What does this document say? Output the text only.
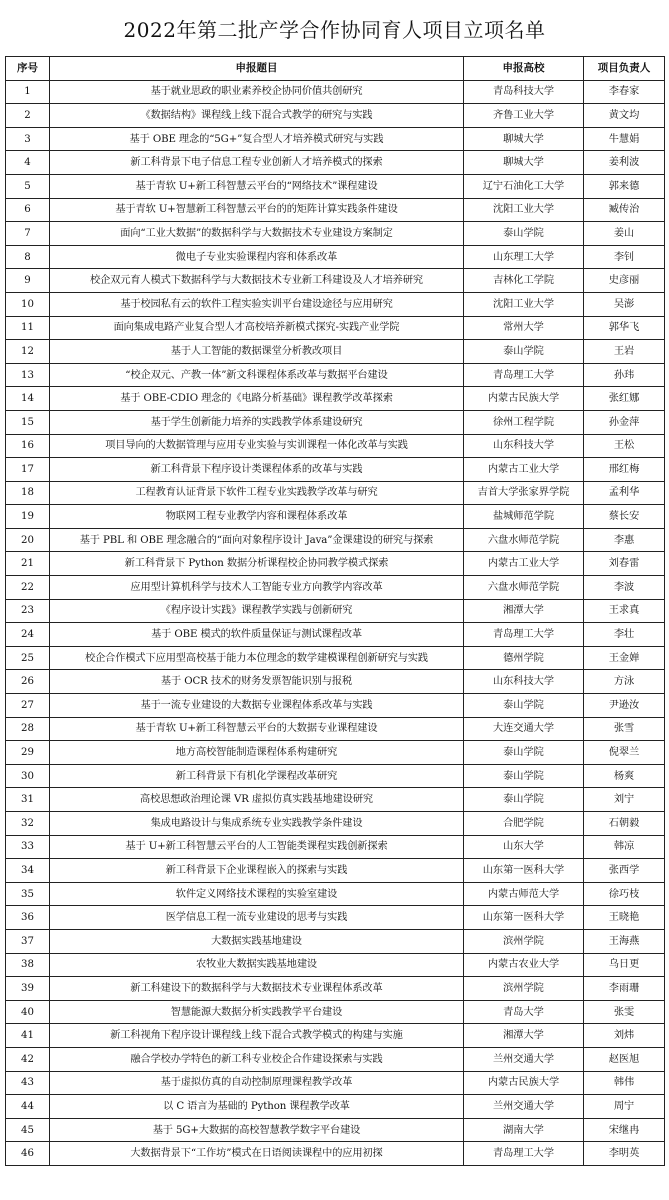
2022年第二批产学合作协同育人项目立项名单
序号	申报题目	申报高校	项目负责人
1	基于就业思政的职业素养校企协同价值共创研究	青岛科技大学	李春家
2	《数据结构》课程线上线下混合式教学的研究与实践	齐鲁工业大学	黄文均
3	基于 OBE 理念的“5G+”复合型人才培养模式研究与实践	聊城大学	牛慧娟
4	新工科背景下电子信息工程专业创新人才培养模式的探索	聊城大学	姜利波
5	基于青软 U+新工科智慧云平台的“网络技术”课程建设	辽宁石油化工大学	郭来德
6	基于青软 U+智慧新工科智慧云平台的的矩阵计算实践条件建设	沈阳工业大学	臧传治
7	面向“工业大数据”的数据科学与大数据技术专业建设方案制定	泰山学院	姜山
8	微电子专业实验课程内容和体系改革	山东理工大学	李钊
9	校企双元育人模式下数据科学与大数据技术专业新工科建设及人才培养研究	吉林化工学院	史彦丽
10	基于校园私有云的软件工程实验实训平台建设途径与应用研究	沈阳工业大学	吴澎
11	面向集成电路产业复合型人才高校培养新模式探究-实践产业学院	常州大学	郭华飞
12	基于人工智能的数据课堂分析教改项目	泰山学院	王岩
13	“校企双元、产教一体”新文科课程体系改革与数据平台建设	青岛理工大学	孙玮
14	基于 OBE-CDIO 理念的《电路分析基础》课程教学改革探索	内蒙古民族大学	张红娜
15	基于学生创新能力培养的实践教学体系建设研究	徐州工程学院	孙金萍
16	项目导向的大数据管理与应用专业实验与实训课程一体化改革与实践	山东科技大学	王松
17	新工科背景下程序设计类课程体系的改革与实践	内蒙古工业大学	邢红梅
18	工程教育认证背景下软件工程专业实践教学改革与研究	吉首大学张家界学院	孟利华
19	物联网工程专业教学内容和课程体系改革	盐城师范学院	蔡长安
20	基于 PBL 和 OBE 理念融合的“面向对象程序设计 Java”金课建设的研究与探索	六盘水师范学院	李惠
21	新工科背景下 Python 数据分析课程校企协同教学模式探索	内蒙古工业大学	刘春雷
22	应用型计算机科学与技术人工智能专业方向教学内容改革	六盘水师范学院	李波
23	《程序设计实践》课程教学实践与创新研究	湘潭大学	王求真
24	基于 OBE 模式的软件质量保证与测试课程改革	青岛理工大学	李壮
25	校企合作模式下应用型高校基于能力本位理念的数学建模课程创新研究与实践	德州学院	王金婵
26	基于 OCR 技术的财务发票智能识别与报税	山东科技大学	方泳
27	基于一流专业建设的大数据专业课程体系改革与实践	泰山学院	尹逊汝
28	基于青软 U+新工科智慧云平台的大数据专业课程建设	大连交通大学	张雪
29	地方高校智能制造课程体系构建研究	泰山学院	倪翠兰
30	新工科背景下有机化学课程改革研究	泰山学院	杨爽
31	高校思想政治理论课 VR 虚拟仿真实践基地建设研究	泰山学院	刘宁
32	集成电路设计与集成系统专业实践教学条件建设	合肥学院	石朝毅
33	基于 U+新工科智慧云平台的人工智能类课程实践创新探索	山东大学	韩凉
34	新工科背景下企业课程嵌入的探索与实践	山东第一医科大学	张西学
35	软件定义网络技术课程的实验室建设	内蒙古师范大学	徐巧枝
36	医学信息工程一流专业建设的思考与实践	山东第一医科大学	王晓艳
37	大数据实践基地建设	滨州学院	王海燕
38	农牧业大数据实践基地建设	内蒙古农业大学	乌日更
39	新工科建设下的数据科学与大数据技术专业课程体系改革	滨州学院	李雨珊
40	智慧能源大数据分析实践教学平台建设	青岛大学	张雯
41	新工科视角下程序设计课程线上线下混合式教学模式的构建与实施	湘潭大学	刘炜
42	融合学校办学特色的新工科专业校企合作建设探索与实践	兰州交通大学	赵医旭
43	基于虚拟仿真的自动控制原理课程教学改革	内蒙古民族大学	韩伟
44	以 C 语言为基础的 Python 课程教学改革	兰州交通大学	周宁
45	基于 5G+大数据的高校智慧教学数字平台建设	湖南大学	宋继冉
46	大数据背景下“工作坊”模式在日语阅读课程中的应用初探	青岛理工大学	李明英
